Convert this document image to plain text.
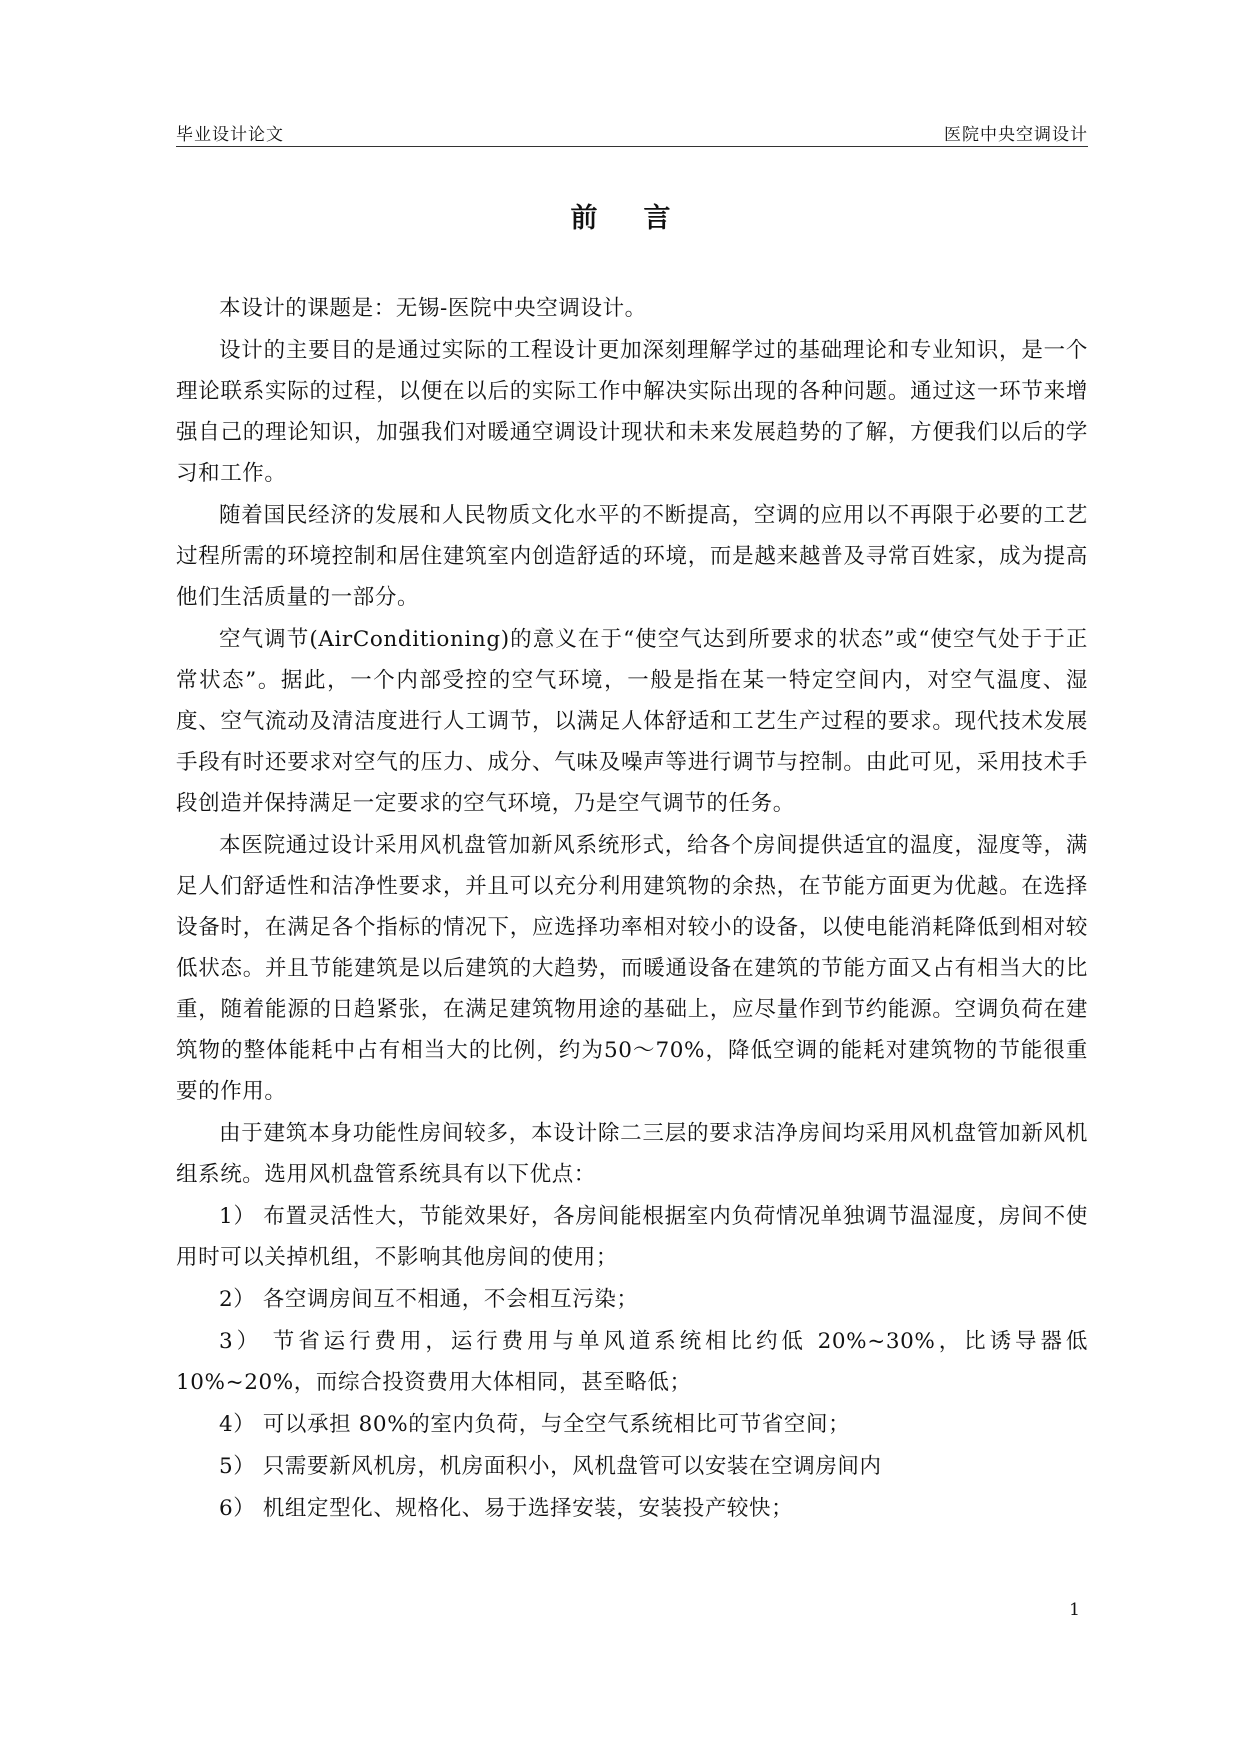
毕业设计论文	医院中央空调设计
前 言

本设计的课题是：无锡-医院中央空调设计。

设计的主要目的是通过实际的工程设计更加深刻理解学过的基础理论和专业知识，是一个理论联系实际的过程，以便在以后的实际工作中解决实际出现的各种问题。通过这一环节来增强自己的理论知识，加强我们对暖通空调设计现状和未来发展趋势的了解，方便我们以后的学习和工作。

随着国民经济的发展和人民物质文化水平的不断提高，空调的应用以不再限于必要的工艺过程所需的环境控制和居住建筑室内创造舒适的环境，而是越来越普及寻常百姓家，成为提高他们生活质量的一部分。

空气调节(AirConditioning)的意义在于“使空气达到所要求的状态”或“使空气处于于正常状态”。据此，一个内部受控的空气环境，一般是指在某一特定空间内，对空气温度、湿度、空气流动及清洁度进行人工调节，以满足人体舒适和工艺生产过程的要求。现代技术发展手段有时还要求对空气的压力、成分、气味及噪声等进行调节与控制。由此可见，采用技术手段创造并保持满足一定要求的空气环境，乃是空气调节的任务。

本医院通过设计采用风机盘管加新风系统形式，给各个房间提供适宜的温度，湿度等，满足人们舒适性和洁净性要求，并且可以充分利用建筑物的余热，在节能方面更为优越。在选择设备时，在满足各个指标的情况下，应选择功率相对较小的设备，以使电能消耗降低到相对较低状态。并且节能建筑是以后建筑的大趋势，而暖通设备在建筑的节能方面又占有相当大的比重，随着能源的日趋紧张，在满足建筑物用途的基础上，应尽量作到节约能源。空调负荷在建筑物的整体能耗中占有相当大的比例，约为50～70%，降低空调的能耗对建筑物的节能很重要的作用。

由于建筑本身功能性房间较多，本设计除二三层的要求洁净房间均采用风机盘管加新风机组系统。选用风机盘管系统具有以下优点：

1） 布置灵活性大，节能效果好，各房间能根据室内负荷情况单独调节温湿度，房间不使用时可以关掉机组，不影响其他房间的使用；

2） 各空调房间互不相通，不会相互污染；

3） 节省运行费用，运行费用与单风道系统相比约低 20%~30%，比诱导器低 10%~20%，而综合投资费用大体相同，甚至略低；

4） 可以承担 80%的室内负荷，与全空气系统相比可节省空间；

5） 只需要新风机房，机房面积小，风机盘管可以安装在空调房间内

6） 机组定型化、规格化、易于选择安装，安装投产较快；

1
